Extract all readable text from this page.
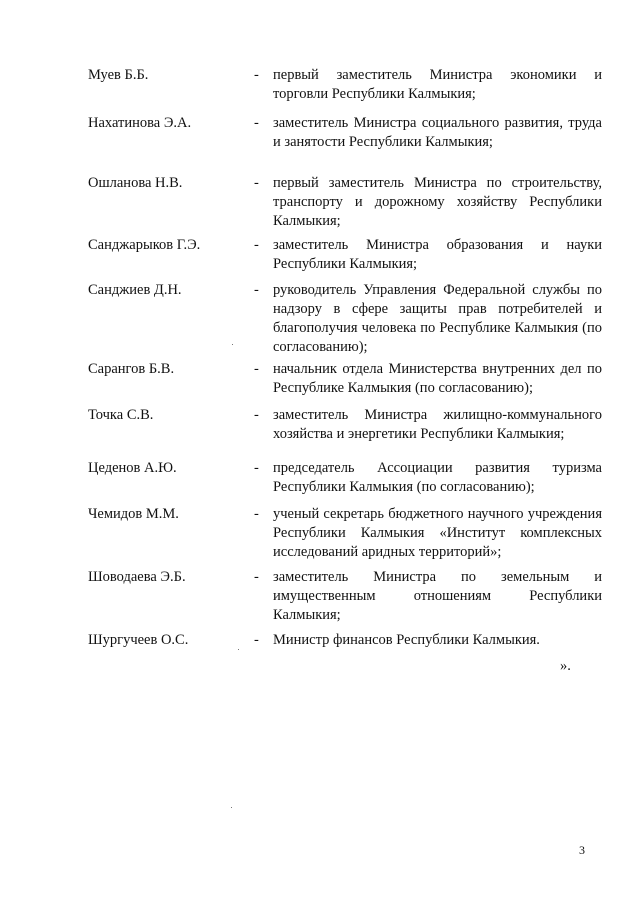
Муев Б.Б.	- первый заместитель Министра экономики и торговли Республики Калмыкия;
Нахатинова Э.А.	- заместитель Министра социального развития, труда и занятости Республики Калмыкия;
Ошланова Н.В.	- первый заместитель Министра по строительству, транспорту и дорожному хозяйству Республики Калмыкия;
Санджарыков Г.Э.	- заместитель Министра образования и науки Республики Калмыкия;
Санджиев Д.Н.	- руководитель Управления Федеральной службы по надзору в сфере защиты прав потребителей и благополучия человека по Республике Калмыкия (по согласованию);
Сарангов Б.В.	- начальник отдела Министерства внутренних дел по Республике Калмыкия (по согласованию);
Точка С.В.	- заместитель Министра жилищно-коммунального хозяйства и энергетики Республики Калмыкия;
Цеденов А.Ю.	- председатель Ассоциации развития туризма Республики Калмыкия (по согласованию);
Чемидов М.М.	- ученый секретарь бюджетного научного учреждения Республики Калмыкия «Институт комплексных исследований аридных территорий»;
Шоводаева Э.Б.	- заместитель Министра по земельным и имущественным отношениям Республики Калмыкия;
Шургучеев О.С.	- Министр финансов Республики Калмыкия.
».
3
